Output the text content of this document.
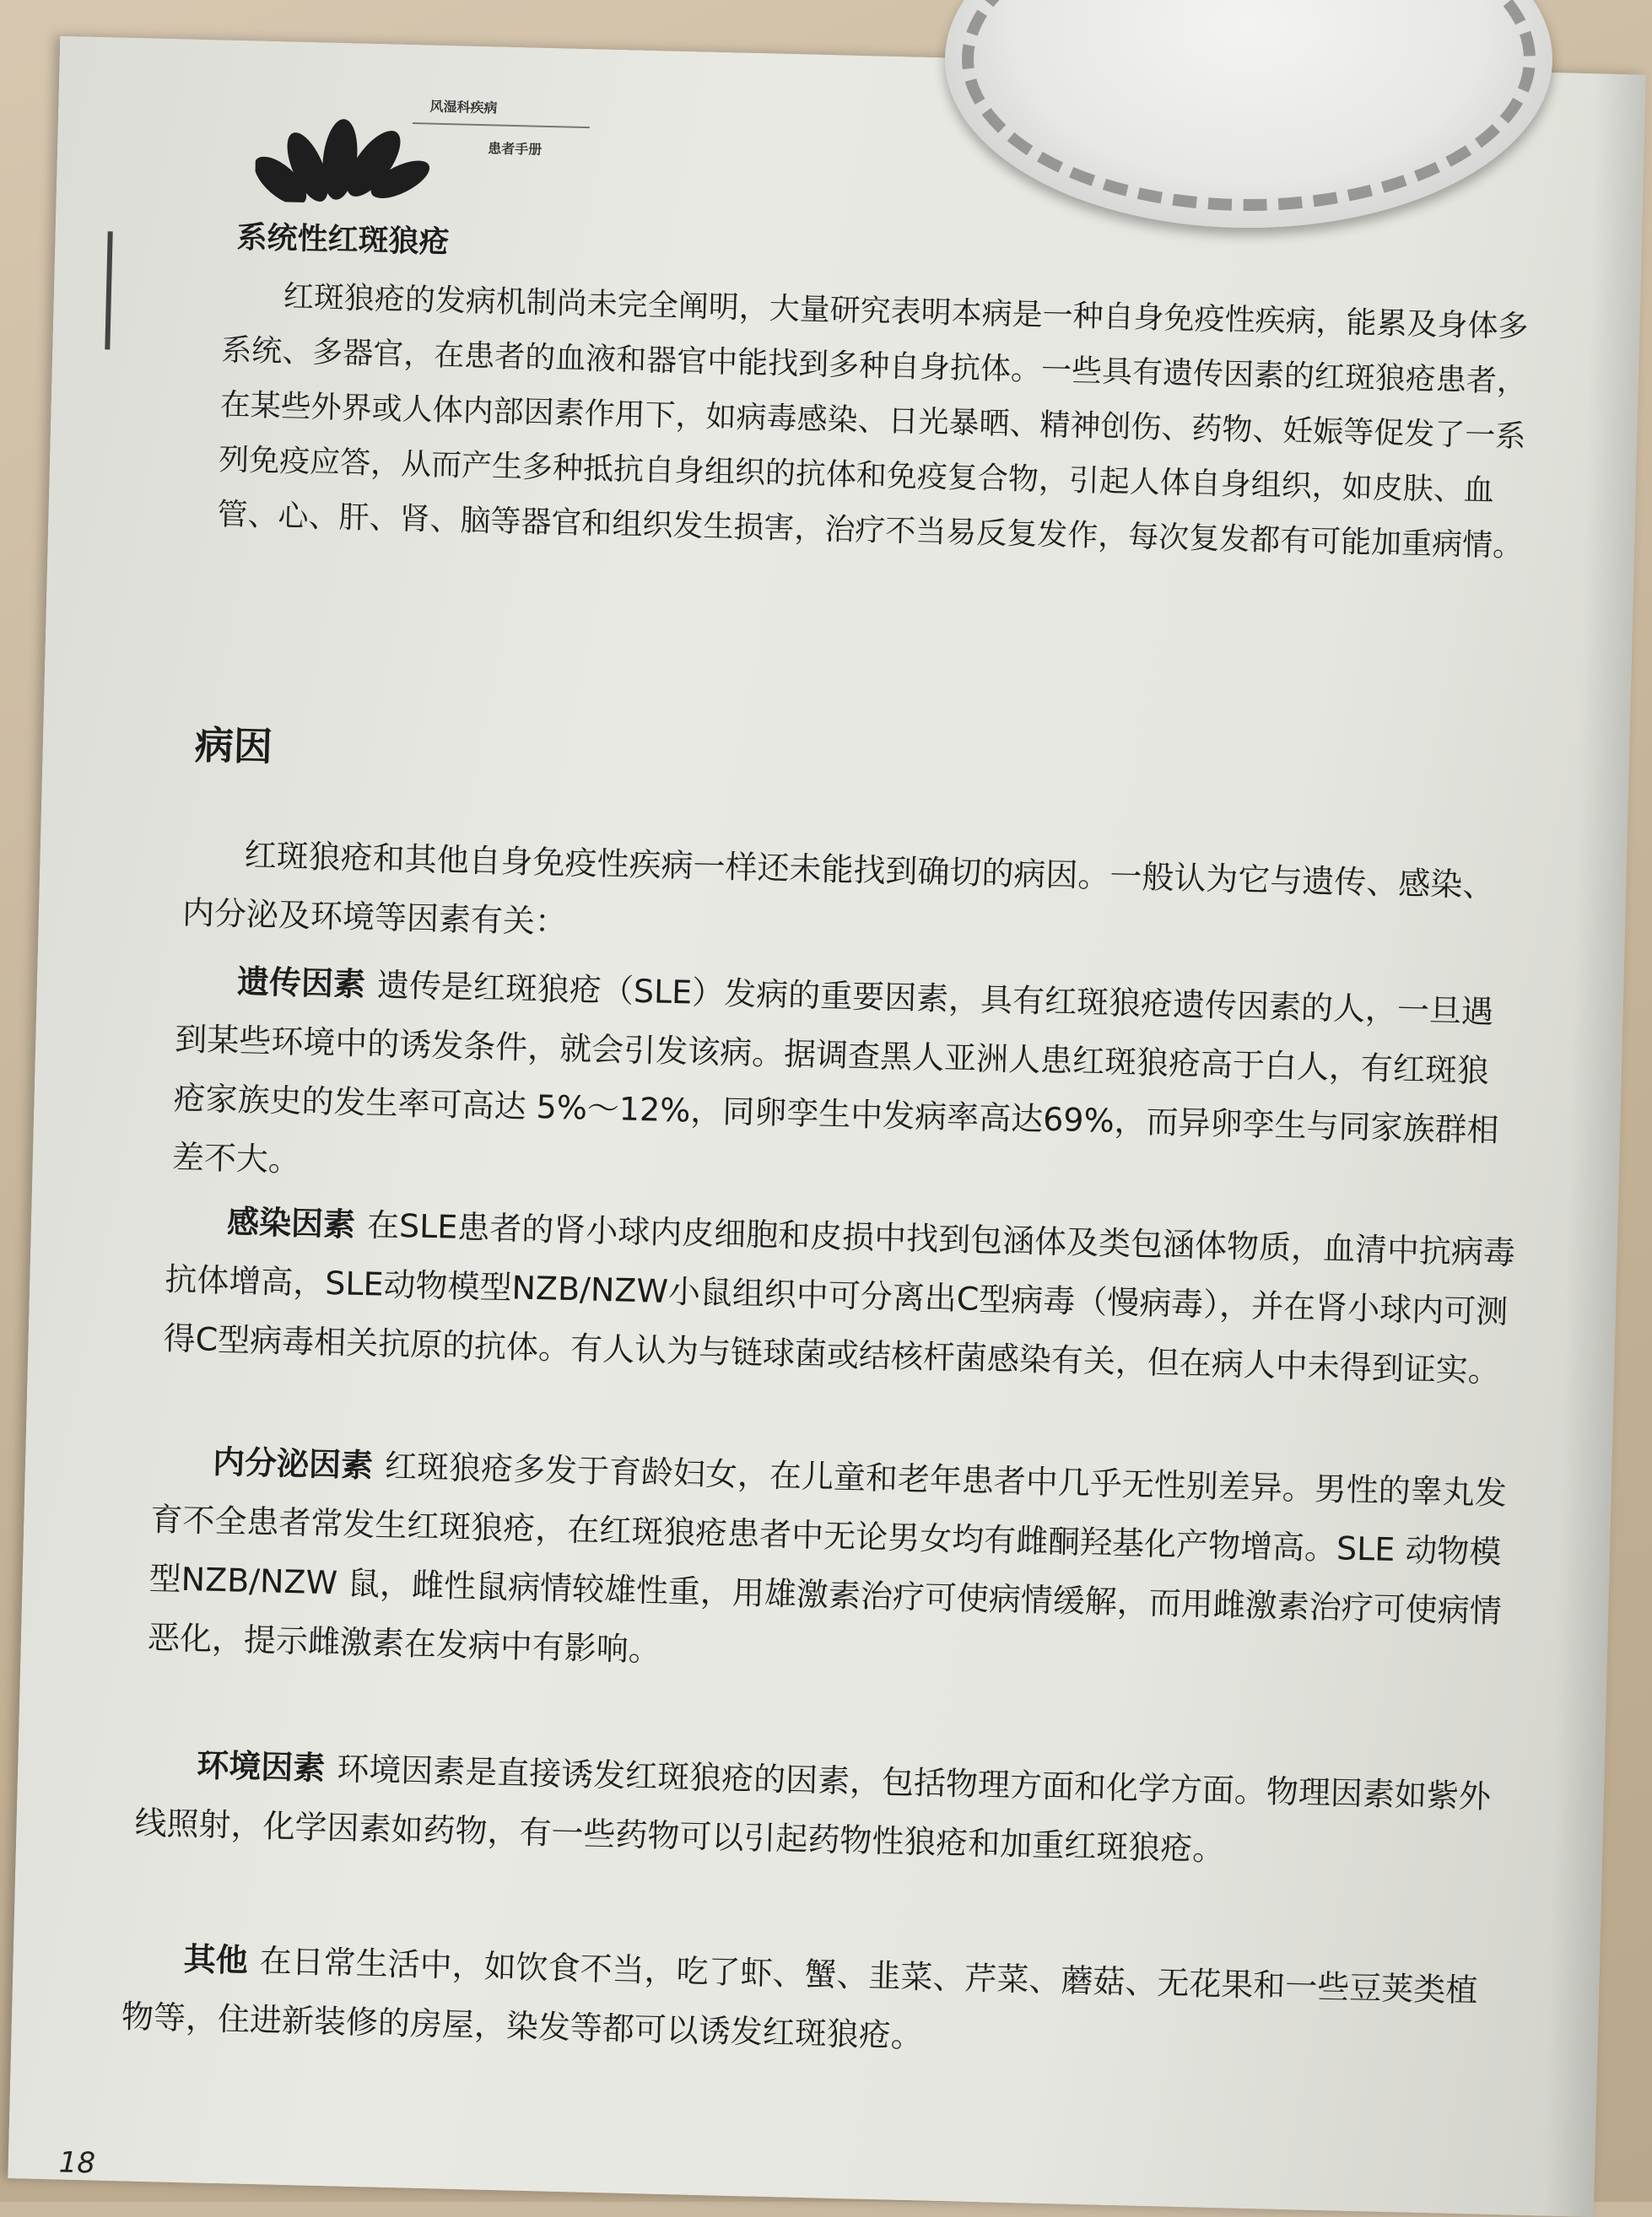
风湿科疾病
患者手册
系统性红斑狼疮
红斑狼疮的发病机制尚未完全阐明，大量研究表明本病是一种自身免疫性疾病，能累及身体多系统、多器官，在患者的血液和器官中能找到多种自身抗体。一些具有遗传因素的红斑狼疮患者，在某些外界或人体内部因素作用下，如病毒感染、日光暴晒、精神创伤、药物、妊娠等促发了一系列免疫应答，从而产生多种抵抗自身组织的抗体和免疫复合物，引起人体自身组织，如皮肤、血管、心、肝、肾、脑等器官和组织发生损害，治疗不当易反复发作，每次复发都有可能加重病情。
病因
红斑狼疮和其他自身免疫性疾病一样还未能找到确切的病因。一般认为它与遗传、感染、内分泌及环境等因素有关：
遗传因素 遗传是红斑狼疮（SLE）发病的重要因素，具有红斑狼疮遗传因素的人，一旦遇到某些环境中的诱发条件，就会引发该病。据调查黑人亚洲人患红斑狼疮高于白人，有红斑狼疮家族史的发生率可高达 5%～12%，同卵孪生中发病率高达69%，而异卵孪生与同家族群相差不大。
感染因素 在SLE患者的肾小球内皮细胞和皮损中找到包涵体及类包涵体物质，血清中抗病毒抗体增高，SLE动物模型NZB/NZW小鼠组织中可分离出C型病毒（慢病毒），并在肾小球内可测得C型病毒相关抗原的抗体。有人认为与链球菌或结核杆菌感染有关，但在病人中未得到证实。
内分泌因素 红斑狼疮多发于育龄妇女，在儿童和老年患者中几乎无性别差异。男性的睾丸发育不全患者常发生红斑狼疮，在红斑狼疮患者中无论男女均有雌酮羟基化产物增高。SLE 动物模型NZB/NZW 鼠，雌性鼠病情较雄性重，用雄激素治疗可使病情缓解，而用雌激素治疗可使病情恶化，提示雌激素在发病中有影响。
环境因素 环境因素是直接诱发红斑狼疮的因素，包括物理方面和化学方面。物理因素如紫外线照射，化学因素如药物，有一些药物可以引起药物性狼疮和加重红斑狼疮。
其他 在日常生活中，如饮食不当，吃了虾、蟹、韭菜、芹菜、蘑菇、无花果和一些豆荚类植物等，住进新装修的房屋，染发等都可以诱发红斑狼疮。
18
